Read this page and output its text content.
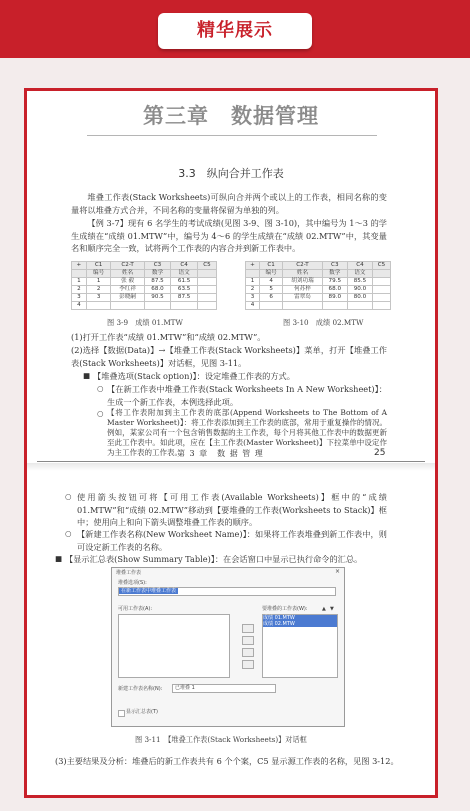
精华展示
第三章　数据管理
3.3　纵向合并工作表
堆叠工作表(Stack Worksheets)可纵向合并两个或以上的工作表，相同名称的变量将以堆叠方式合并，不同名称的变量将保留为单独的列。
【例 3-7】现有 6 名学生的考试成绩(见图 3-9、图 3-10)，其中编号为 1～3 的学生成绩在“成绩 01.MTW”中，编号为 4～6 的学生成绩在“成绩 02.MTW”中，其变量名和顺序完全一致，试将两个工作表的内容合并到新工作表中。
+	C1	C2-T	C3	C4	C5
	编号	姓名	数学	语文	
1	1	张 毅	87.5	61.5	
2	2	李红祥	68.0	63.5	
3	3	彭晓嗣	90.5	87.5	
4					
图 3-9　成绩 01.MTW
+	C1	C2-T	C3	C4	C5
	编号	姓名	数学	语文	
1	4	胡刘功瑞	79.5	85.5	
2	5	何苏梓	68.0	90.0	
3	6	雷翠岛	89.0	80.0	
4					
图 3-10　成绩 02.MTW
(1)打开工作表“成绩 01.MTW”和“成绩 02.MTW”。
(2)选择【数据(Data)】→【堆叠工作表(Stack Worksheets)】菜单，打开【堆叠工作表(Stack Worksheets)】对话框，见图 3-11。
■ 【堆叠选项(Stack option)】：设定堆叠工作表的方式。
○ 【在新工作表中堆叠工作表(Stack Worksheets In A New Worksheet)】：生成一个新工作表，本例选择此项。
○ 【将工作表附加到主工作表的底部(Append Worksheets to The Bottom of A Master Worksheet)】：将工作表添加到主工作表的底部，常用于重复操作的情况。例如，某家公司有一个包含销售数据的主工作表，每个月将其他工作表中的数据更新至此工作表中。如此项，应在【主工作表(Master Worksheet)】下拉菜单中设定作为主工作表的工作表。
第 3 章　数 据 管 理	25
○ 使用箭头按钮可将【可用工作表(Available Worksheets)】框中的“成绩 01.MTW”和“成绩 02.MTW”移动到【要堆叠的工作表(Worksheets to Stack)】框中；使用向上和向下箭头调整堆叠工作表的顺序。
○ 【新建工作表名称(New Worksheet Name)】：如果将工作表堆叠到新工作表中，则可设定新工作表的名称。
■ 【显示汇总表(Show Summary Table)】：在会话窗口中显示已执行命令的汇总。
堆叠工作表	×
堆叠选项(S):
在新工作表中堆叠工作表
可用工作表(A):	要堆叠的工作表(W):	▲ ▼
成绩 01.MTW
成绩 02.MTW
新建工作表名称(N):	已堆叠 1
显示汇总表(T)
图 3-11　【堆叠工作表(Stack Worksheets)】对话框
(3)主要结果及分析：堆叠后的新工作表共有 6 个个案，C5 显示源工作表的名称，见图 3-12。
